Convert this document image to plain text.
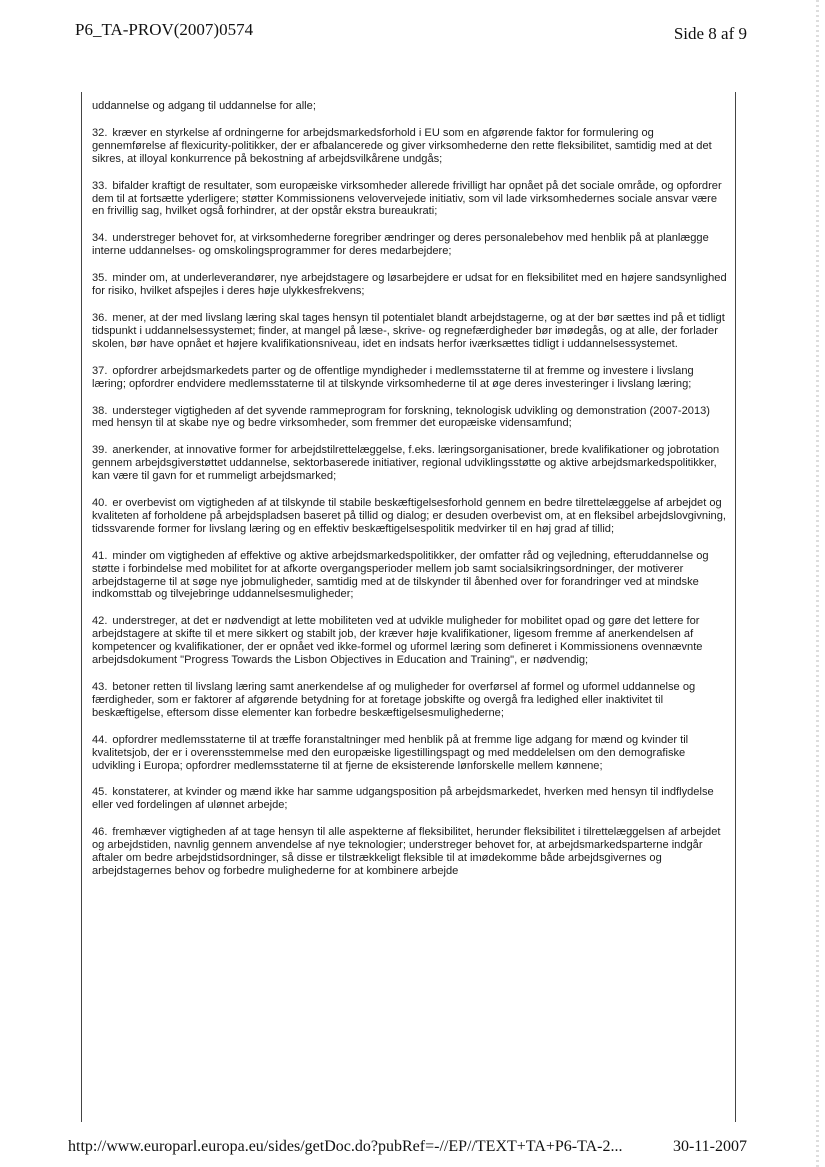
P6_TA-PROV(2007)0574	Side 8 af 9

uddannelse og adgang til uddannelse for alle;

32. kræver en styrkelse af ordningerne for arbejdsmarkedsforhold i EU som en afgørende faktor for formulering og gennemførelse af flexicurity-politikker, der er afbalancerede og giver virksomhederne den rette fleksibilitet, samtidig med at det sikres, at illoyal konkurrence på bekostning af arbejdsvilkårene undgås;

33. bifalder kraftigt de resultater, som europæiske virksomheder allerede frivilligt har opnået på det sociale område, og opfordrer dem til at fortsætte yderligere; støtter Kommissionens velovervejede initiativ, som vil lade virksomhedernes sociale ansvar være en frivillig sag, hvilket også forhindrer, at der opstår ekstra bureaukrati;

34. understreger behovet for, at virksomhederne foregriber ændringer og deres personalebehov med henblik på at planlægge interne uddannelses- og omskolingsprogrammer for deres medarbejdere;

35. minder om, at underleverandører, nye arbejdstagere og løsarbejdere er udsat for en fleksibilitet med en højere sandsynlighed for risiko, hvilket afspejles i deres høje ulykkesfrekvens;

36. mener, at der med livslang læring skal tages hensyn til potentialet blandt arbejdstagerne, og at der bør sættes ind på et tidligt tidspunkt i uddannelsessystemet; finder, at mangel på læse-, skrive- og regnefærdigheder bør imødegås, og at alle, der forlader skolen, bør have opnået et højere kvalifikationsniveau, idet en indsats herfor iværksættes tidligt i uddannelsessystemet.

37. opfordrer arbejdsmarkedets parter og de offentlige myndigheder i medlemsstaterne til at fremme og investere i livslang læring; opfordrer endvidere medlemsstaterne til at tilskynde virksomhederne til at øge deres investeringer i livslang læring;

38. understeger vigtigheden af det syvende rammeprogram for forskning, teknologisk udvikling og demonstration (2007-2013) med hensyn til at skabe nye og bedre virksomheder, som fremmer det europæiske vidensamfund;

39. anerkender, at innovative former for arbejdstilrettelæggelse, f.eks. læringsorganisationer, brede kvalifikationer og jobrotation gennem arbejdsgiverstøttet uddannelse, sektorbaserede initiativer, regional udviklingsstøtte og aktive arbejdsmarkedspolitikker, kan være til gavn for et rummeligt arbejdsmarked;

40. er overbevist om vigtigheden af at tilskynde til stabile beskæftigelsesforhold gennem en bedre tilrettelæggelse af arbejdet og kvaliteten af forholdene på arbejdspladsen baseret på tillid og dialog; er desuden overbevist om, at en fleksibel arbejdslovgivning, tidssvarende former for livslang læring og en effektiv beskæftigelsespolitik medvirker til en høj grad af tillid;

41. minder om vigtigheden af effektive og aktive arbejdsmarkedspolitikker, der omfatter råd og vejledning, efteruddannelse og støtte i forbindelse med mobilitet for at afkorte overgangsperioder mellem job samt socialsikringsordninger, der motiverer arbejdstagerne til at søge nye jobmuligheder, samtidig med at de tilskynder til åbenhed over for forandringer ved at mindske indkomsttab og tilvejebringe uddannelsesmuligheder;

42. understreger, at det er nødvendigt at lette mobiliteten ved at udvikle muligheder for mobilitet opad og gøre det lettere for arbejdstagere at skifte til et mere sikkert og stabilt job, der kræver høje kvalifikationer, ligesom fremme af anerkendelsen af kompetencer og kvalifikationer, der er opnået ved ikke-formel og uformel læring som defineret i Kommissionens ovennævnte arbejdsdokument "Progress Towards the Lisbon Objectives in Education and Training", er nødvendig;

43. betoner retten til livslang læring samt anerkendelse af og muligheder for overførsel af formel og uformel uddannelse og færdigheder, som er faktorer af afgørende betydning for at foretage jobskifte og overgå fra ledighed eller inaktivitet til beskæftigelse, eftersom disse elementer kan forbedre beskæftigelsesmulighederne;

44. opfordrer medlemsstaterne til at træffe foranstaltninger med henblik på at fremme lige adgang for mænd og kvinder til kvalitetsjob, der er i overensstemmelse med den europæiske ligestillingspagt og med meddelelsen om den demografiske udvikling i Europa; opfordrer medlemsstaterne til at fjerne de eksisterende lønforskelle mellem kønnene;

45. konstaterer, at kvinder og mænd ikke har samme udgangsposition på arbejdsmarkedet, hverken med hensyn til indflydelse eller ved fordelingen af ulønnet arbejde;

46. fremhæver vigtigheden af at tage hensyn til alle aspekterne af fleksibilitet, herunder fleksibilitet i tilrettelæggelsen af arbejdet og arbejdstiden, navnlig gennem anvendelse af nye teknologier; understreger behovet for, at arbejdsmarkedsparterne indgår aftaler om bedre arbejdstidsordninger, så disse er tilstrækkeligt fleksible til at imødekomme både arbejdsgivernes og arbejdstagernes behov og forbedre mulighederne for at kombinere arbejde

http://www.europarl.europa.eu/sides/getDoc.do?pubRef=-//EP//TEXT+TA+P6-TA-2...	30-11-2007
